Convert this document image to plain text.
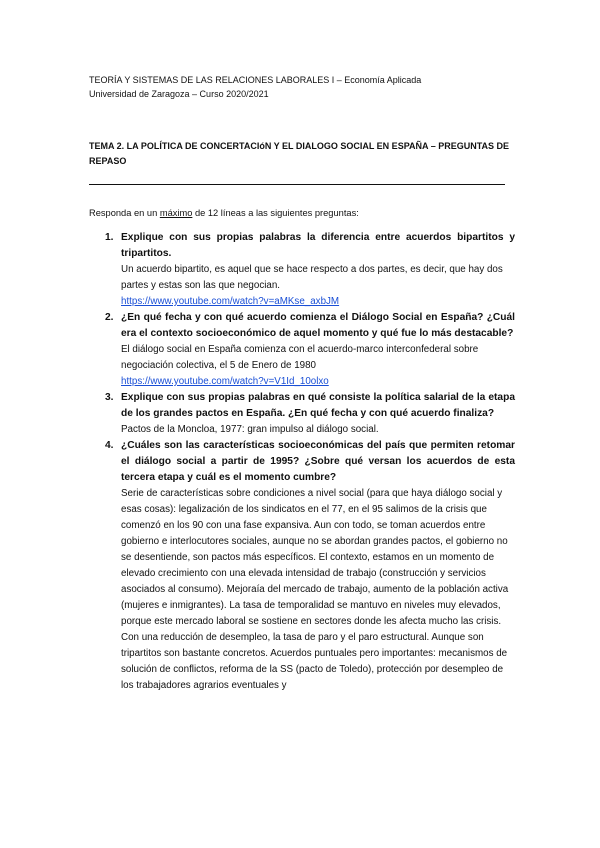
TEORÍA Y SISTEMAS DE LAS RELACIONES LABORALES I – Economía Aplicada
Universidad de Zaragoza – Curso 2020/2021
TEMA 2. LA POLÍTICA DE CONCERTACIóN Y EL DIALOGO SOCIAL EN ESPAÑA – PREGUNTAS DE REPASO
Responda en un máximo de 12 líneas a las siguientes preguntas:
1. Explique con sus propias palabras la diferencia entre acuerdos bipartitos y tripartitos.
Un acuerdo bipartito, es aquel que se hace respecto a dos partes, es decir, que hay dos partes y estas son las que negocian.
https://www.youtube.com/watch?v=aMKse_axbJM
2. ¿En qué fecha y con qué acuerdo comienza el Diálogo Social en España? ¿Cuál era el contexto socioeconómico de aquel momento y qué fue lo más destacable?
El diálogo social en España comienza con el acuerdo-marco interconfederal sobre negociación colectiva, el 5 de Enero de 1980
https://www.youtube.com/watch?v=V1Id_10olxo
3. Explique con sus propias palabras en qué consiste la política salarial de la etapa de los grandes pactos en España. ¿En qué fecha y con qué acuerdo finaliza?
Pactos de la Moncloa, 1977: gran impulso al diálogo social.
4. ¿Cuáles son las características socioeconómicas del país que permiten retomar el diálogo social a partir de 1995? ¿Sobre qué versan los acuerdos de esta tercera etapa y cuál es el momento cumbre?
Serie de características sobre condiciones a nivel social (para que haya diálogo social y esas cosas): legalización de los sindicatos en el 77, en el 95 salimos de la crisis que comenzó en los 90 con una fase expansiva. Aun con todo, se toman acuerdos entre gobierno e interlocutores sociales, aunque no se abordan grandes pactos, el gobierno no se desentiende, son pactos más específicos. El contexto, estamos en un momento de elevado crecimiento con una elevada intensidad de trabajo (construcción y servicios asociados al consumo). Mejoraía del mercado de trabajo, aumento de la población activa (mujeres e inmigrantes). La tasa de temporalidad se mantuvo en niveles muy elevados, porque este mercado laboral se sostiene en sectores donde les afecta mucho las crisis. Con una reducción de desempleo, la tasa de paro y el paro estructural. Aunque son tripartitos son bastante concretos. Acuerdos puntuales pero importantes: mecanismos de solución de conflictos, reforma de la SS (pacto de Toledo), protección por desempleo de los trabajadores agrarios eventuales y
